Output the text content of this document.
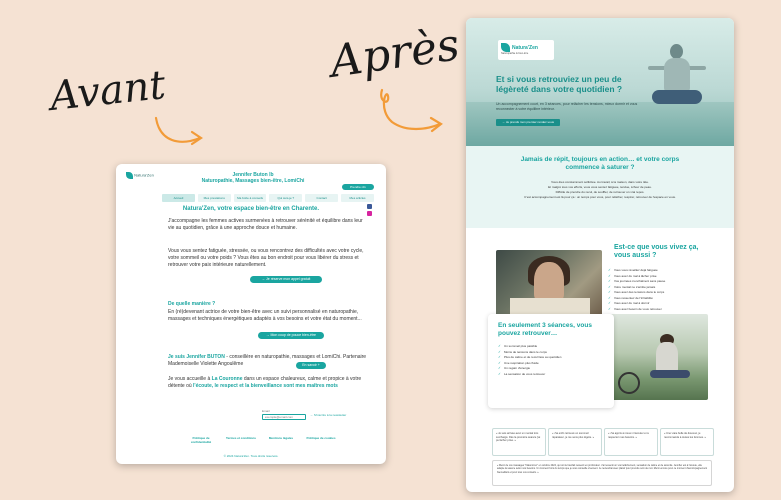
Avant
Après
Natura'Zen	Jennifer Buton ⅼb
Naturopathie, Massages bien-être, LomiChi
Prendre rdv
Accueil	Mes prestations	Ma boîte à conseils	Qui suis-je ?	Contact	Mes articles
Natura'Zen, votre espace bien-être en Charente.
J'accompagne les femmes actives surmenées à retrouver sérénité et équilibre dans leur vie au quotidien, grâce à une approche douce et humaine.
Vous vous sentez fatiguée, stressée, ou vous rencontrez des difficultés avec votre cycle, votre sommeil ou votre poids ? Vous êtes au bon endroit pour vous libérer du stress et retrouver votre paix intérieure naturellement.
→ Je réserve mon appel gratuit
De quelle manière ?
En (ré)devenant actrice de votre bien-être avec un suivi personnalisé en naturopathie, massages et techniques énergétiques adaptés à vos besoins et votre état du moment...
→ Mon coup de pouce bien-être
Je suis Jennifer BUTON - conseillère en naturopathie, massages et LomiChi. Partenaire Mademoiselle Violette Angoulême	En savoir +
Je vous accueille à La Couronne dans un espace chaleureux, calme et propice à votre détente où l'écoute, le respect et la bienveillance sont mes maîtres mots
Email
exemple@email.com	→ S'inscrire à la newsletter
Politique de confidentialité
Termes et conditions	Mentions légales	Politique de cookies
© 2024 Natura'Zen. Tous droits réservés.
Natura'Zen
Naturopathie & bien-être
Et si vous retrouviez un peu de légèreté dans votre quotidien ?
Un accompagnement court, en 3 séances, pour relâcher les tensions, mieux dormir et vous reconnecter à votre équilibre intérieur.
→ Je prends mon premier rendez-vous
Jamais de répit, toujours en action… et votre corps commence à saturer ?
Vous êtes constamment sollicitée. Au travail, à la maison, dans votre tête.
Et malgré tous vos efforts, vous vous sentez fatiguée, tendue, à fleur de peau.
Difficile de prendre du recul, de souffler, de retrouver un vrai repos.
C'est accompagnement est là pour ça : un temps pour vous, pour relâcher, respirer, retrouver de l'espace en vous.
Est-ce que vous vivez ça, vous aussi ?
✓ Vous vous réveillez déjà fatiguée
✓ Vous avez du mal à lâcher prise
✓ Vos journées s'enchaînent sans pause
✓ Votre mental ne s'arrête jamais
✓ Vous avez des tensions dans le corps
✓ Vous ressentez de l'irritabilité
✓ Vous avez du mal à dormir
✓ Vous avez besoin de vous retrouver
En seulement 3 séances, vous pouvez retrouver…
✓ Un sommeil plus paisible
✓ Moins de tensions dans le corps
✓ Plus de calme et de recul face au quotidien
✓ Une respiration plus fluide
✓ Un regain d'énergie
✓ La sensation de vous retrouver
« Je suis arrivée avec un mental très surchargé. Dès la première séance j'ai pu lâcher prise. »
« J'ai enfin retrouvé un sommeil réparateur, je me sens plus légère. »
« J'ai appris à mieux m'écouter et à respecter mes besoins. »
« Une vraie bulle de douceur, je recommande à toutes les femmes. »
« Merci de vos massages "Natura'zen" en octobre 2024, qui ont le bienfait ressenti en profondeur. J'ai ressenti un vrai relâchement, sensation de calme et de sérénité. Jennifer est à l'écoute, elle adapte la séance selon nos besoins. Un moment hors du temps que je vous conseille vivement. Je reviendrai avec plaisir pour prendre soin de moi. Merci encore pour ce moment d'accompagnement bienveillant et pour tous vos conseils. »
